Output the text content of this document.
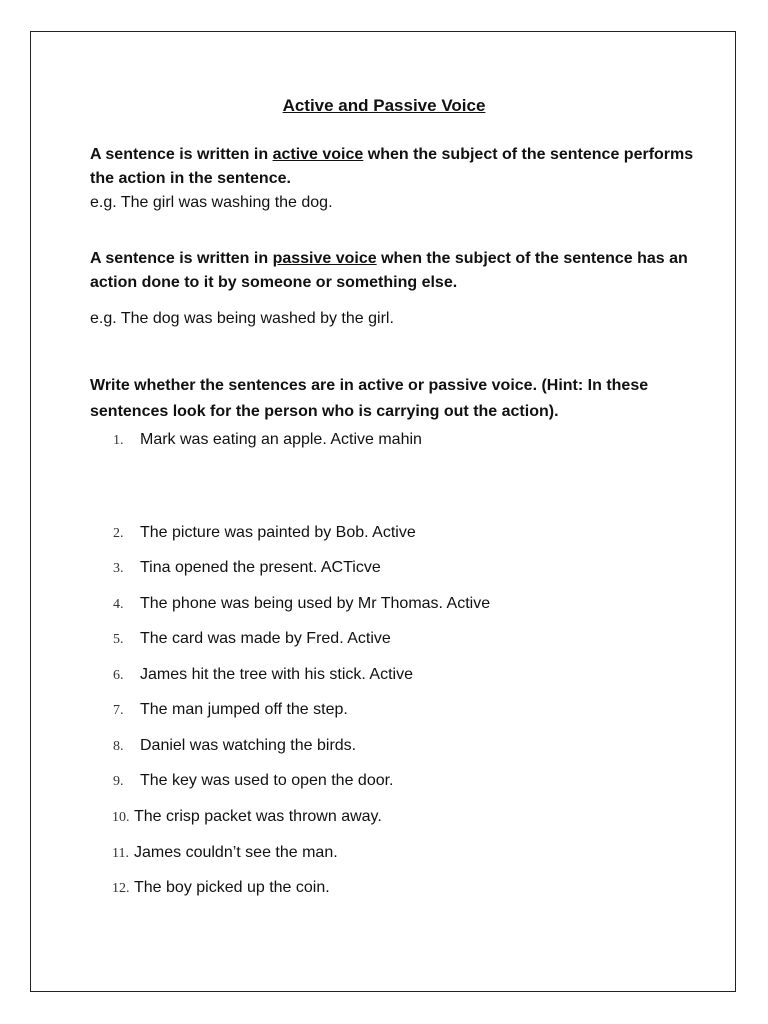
Active and Passive Voice
A sentence is written in active voice when the subject of the sentence performs the action in the sentence.
e.g. The girl was washing the dog.
A sentence is written in passive voice when the subject of the sentence has an action done to it by someone or something else.
e.g. The dog was being washed by the girl.
Write whether the sentences are in active or passive voice. (Hint: In these sentences look for the person who is carrying out the action).
1. Mark was eating an apple. Active mahin
2. The picture was painted by Bob. Active
3. Tina opened the present. ACTicve
4. The phone was being used by Mr Thomas. Active
5. The card was made by Fred. Active
6. James hit the tree with his stick. Active
7. The man jumped off the step.
8. Daniel was watching the birds.
9. The key was used to open the door.
10. The crisp packet was thrown away.
11. James couldn’t see the man.
12. The boy picked up the coin.
